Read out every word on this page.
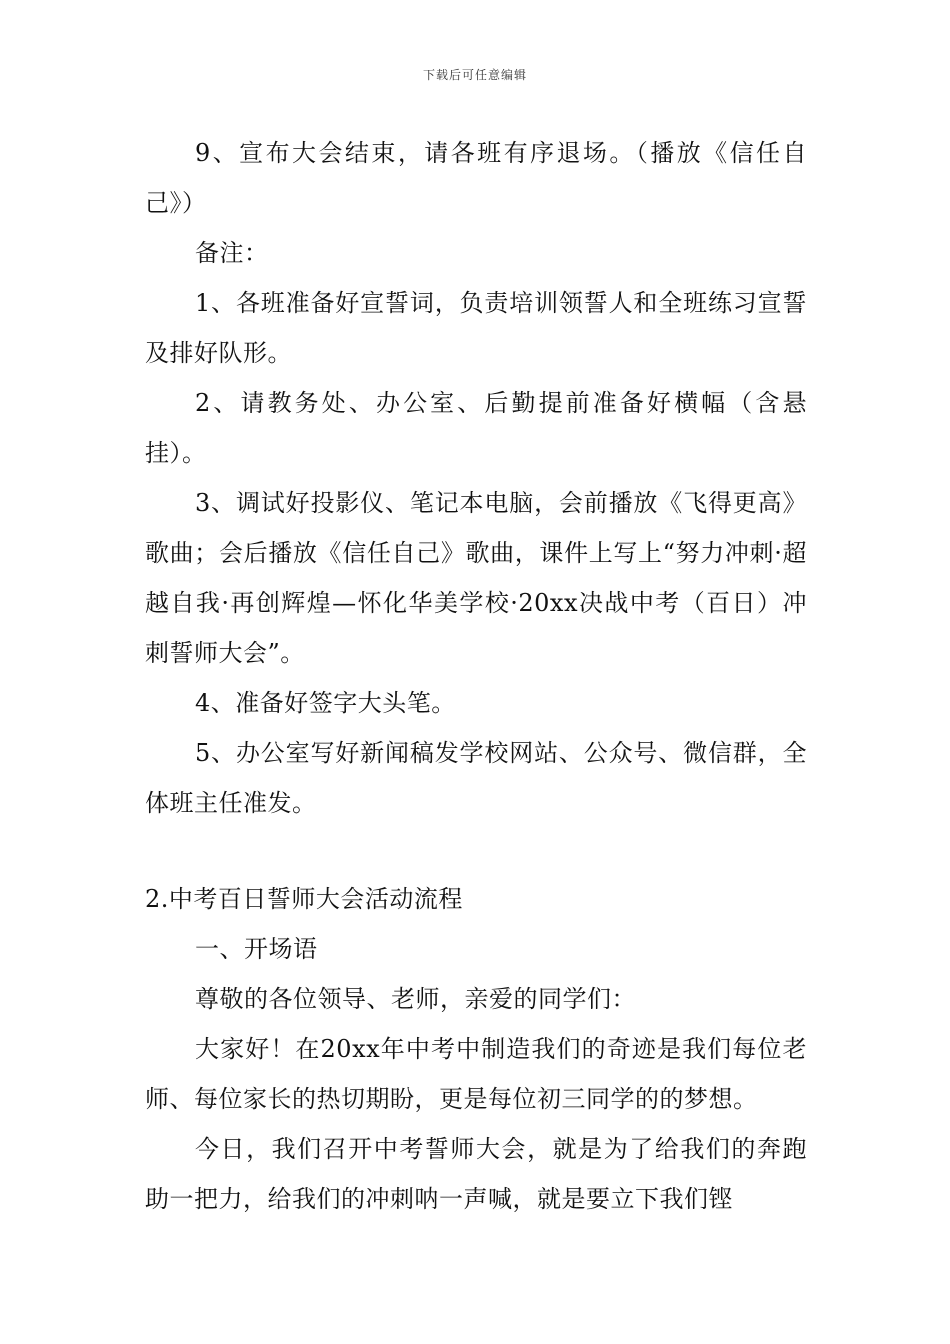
下载后可任意编辑

9、宣布大会结束，请各班有序退场。（播放《信任自己》）

备注：

1、各班准备好宣誓词，负责培训领誓人和全班练习宣誓及排好队形。

2、请教务处、办公室、后勤提前准备好横幅（含悬挂）。

3、调试好投影仪、笔记本电脑，会前播放《飞得更高》歌曲；会后播放《信任自己》歌曲，课件上写上“努力冲刺·超越自我·再创辉煌—怀化华美学校·20xx决战中考（百日）冲刺誓师大会”。

4、准备好签字大头笔。

5、办公室写好新闻稿发学校网站、公众号、微信群，全体班主任准发。

2.中考百日誓师大会活动流程

一、开场语

尊敬的各位领导、老师，亲爱的同学们：

大家好！在20xx年中考中制造我们的奇迹是我们每位老师、每位家长的热切期盼，更是每位初三同学的的梦想。

今日，我们召开中考誓师大会，就是为了给我们的奔跑助一把力，给我们的冲刺呐一声喊，就是要立下我们铿
